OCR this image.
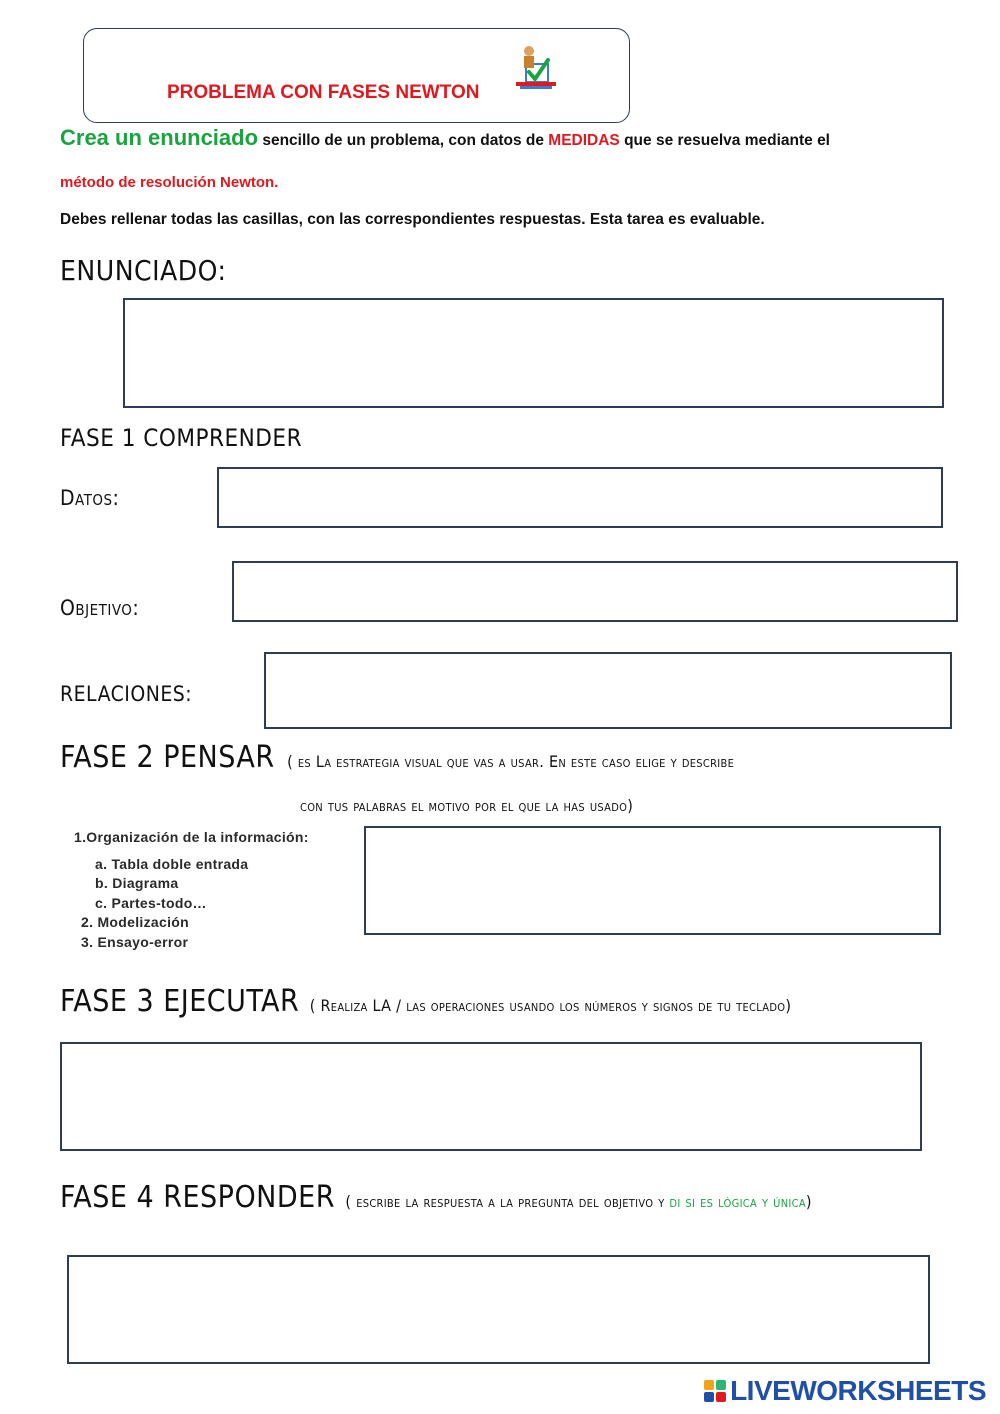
PROBLEMA CON FASES NEWTON
Crea un enunciado sencillo de un problema, con datos de MEDIDAS que se resuelva mediante el
método de resolución Newton.
Debes rellenar todas las casillas, con las correspondientes respuestas. Esta tarea es evaluable.
ENUNCIADO:
FASE 1 COMPRENDER
Datos:
Objetivo:
RELACIONES:
FASE 2 PENSAR ( es La estrategia visual que vas a usar. En este caso elige y describe
con tus palabras el motivo por el que la has usado)
1.Organización de la información:
a. Tabla doble entrada
b. Diagrama
c. Partes-todo…
2. Modelización
3. Ensayo-error
FASE 3 EJECUTAR ( Realiza LA / las operaciones usando los números y signos de tu teclado)
FASE 4 RESPONDER ( escribe la respuesta a la pregunta del objetivo y di si es lógica y única)
LIVEWORKSHEETS
